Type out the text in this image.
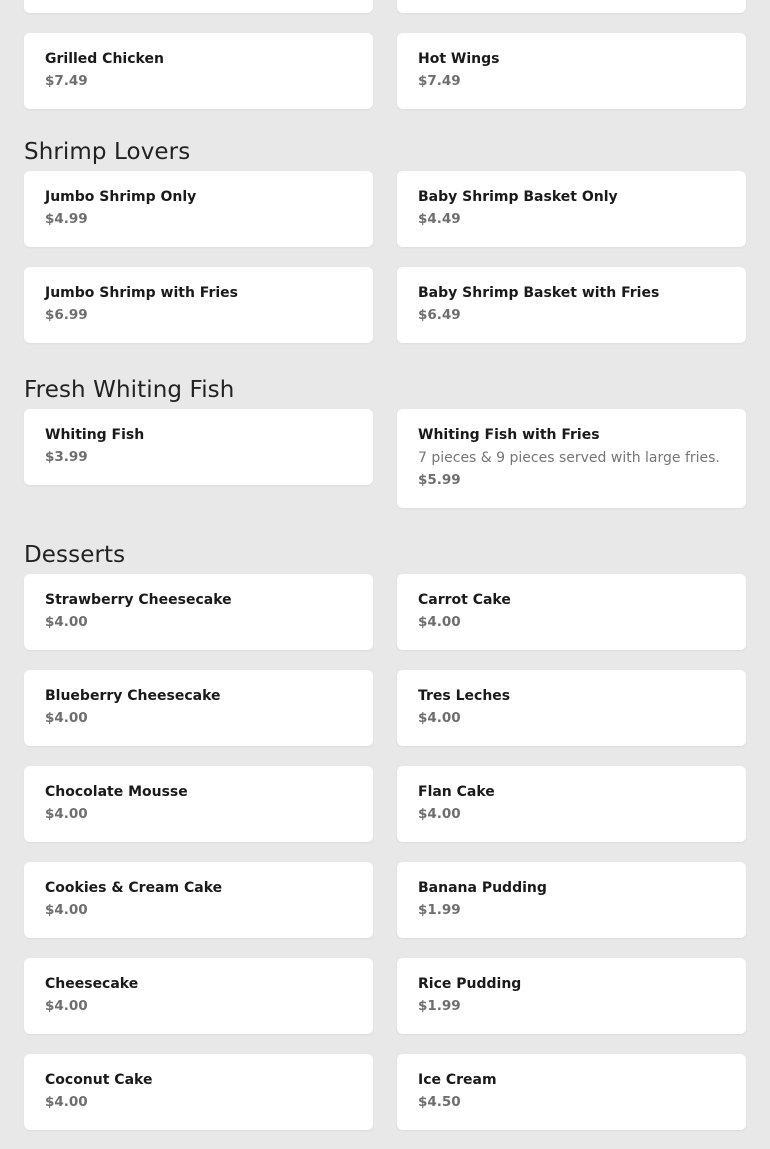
Grilled Chicken
$7.49
Hot Wings
$7.49
Shrimp Lovers
Jumbo Shrimp Only
$4.99
Baby Shrimp Basket Only
$4.49
Jumbo Shrimp with Fries
$6.99
Baby Shrimp Basket with Fries
$6.49
Fresh Whiting Fish
Whiting Fish
$3.99
Whiting Fish with Fries
7 pieces & 9 pieces served with large fries.
$5.99
Desserts
Strawberry Cheesecake
$4.00
Carrot Cake
$4.00
Blueberry Cheesecake
$4.00
Tres Leches
$4.00
Chocolate Mousse
$4.00
Flan Cake
$4.00
Cookies & Cream Cake
$4.00
Banana Pudding
$1.99
Cheesecake
$4.00
Rice Pudding
$1.99
Coconut Cake
$4.00
Ice Cream
$4.50
